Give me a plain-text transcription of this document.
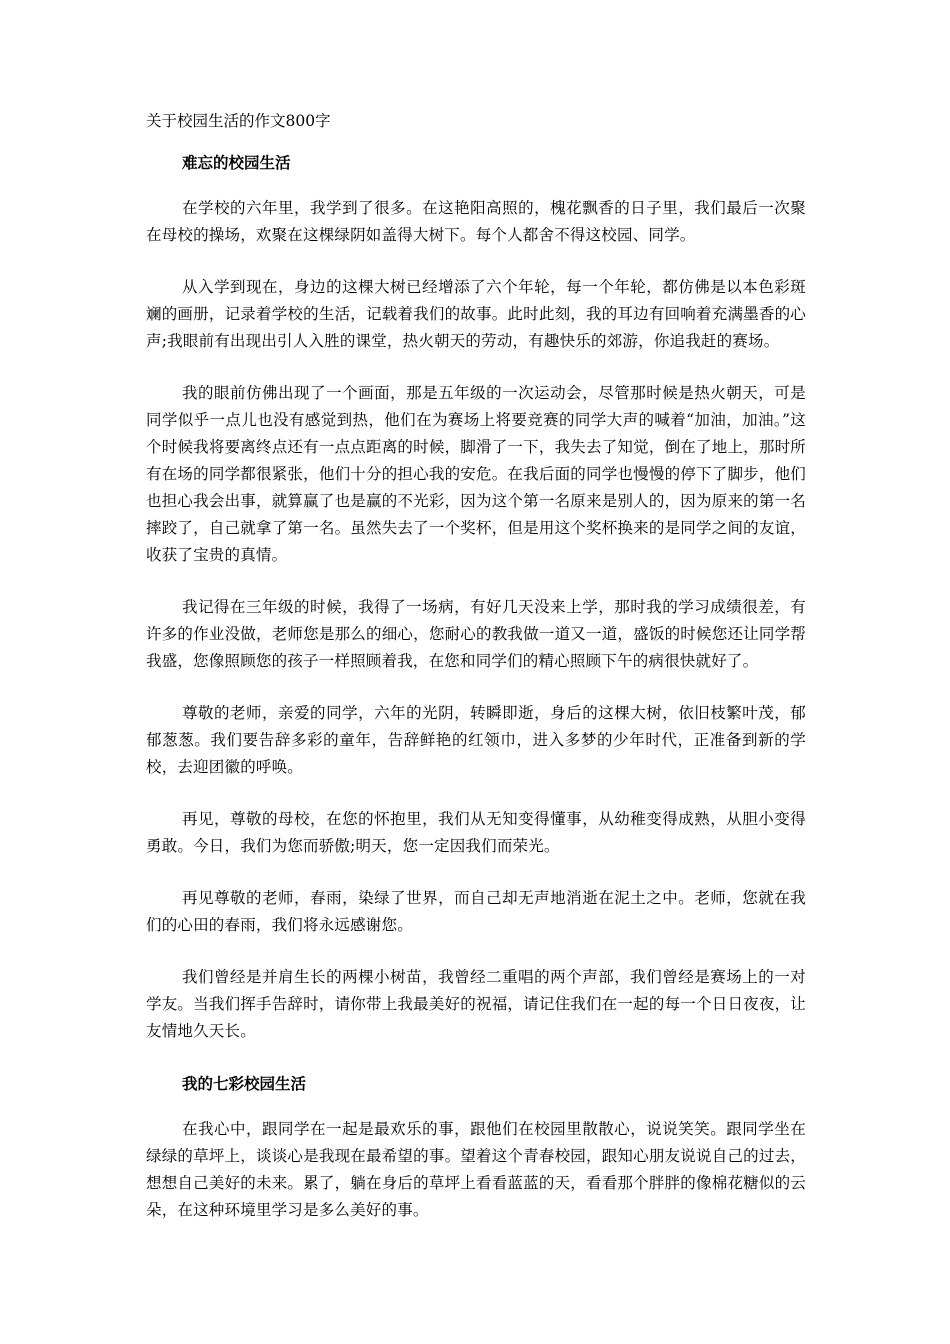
关于校园生活的作文800字
难忘的校园生活

在学校的六年里，我学到了很多。在这艳阳高照的，槐花飘香的日子里，我们最后一次聚在母校的操场，欢聚在这棵绿阴如盖得大树下。每个人都舍不得这校园、同学。

从入学到现在，身边的这棵大树已经增添了六个年轮，每一个年轮，都仿佛是以本色彩斑斓的画册，记录着学校的生活，记载着我们的故事。此时此刻，我的耳边有回响着充满墨香的心声;我眼前有出现出引人入胜的课堂，热火朝天的劳动，有趣快乐的郊游，你追我赶的赛场。

我的眼前仿佛出现了一个画面，那是五年级的一次运动会，尽管那时候是热火朝天，可是同学似乎一点儿也没有感觉到热，他们在为赛场上将要竞赛的同学大声的喊着“加油，加油。”这个时候我将要离终点还有一点点距离的时候，脚滑了一下，我失去了知觉，倒在了地上，那时所有在场的同学都很紧张，他们十分的担心我的安危。在我后面的同学也慢慢的停下了脚步，他们也担心我会出事，就算赢了也是赢的不光彩，因为这个第一名原来是别人的，因为原来的第一名摔跤了，自己就拿了第一名。虽然失去了一个奖杯，但是用这个奖杯换来的是同学之间的友谊，收获了宝贵的真情。

我记得在三年级的时候，我得了一场病，有好几天没来上学，那时我的学习成绩很差，有许多的作业没做，老师您是那么的细心，您耐心的教我做一道又一道，盛饭的时候您还让同学帮我盛，您像照顾您的孩子一样照顾着我，在您和同学们的精心照顾下午的病很快就好了。

尊敬的老师，亲爱的同学，六年的光阴，转瞬即逝，身后的这棵大树，依旧枝繁叶茂，郁郁葱葱。我们要告辞多彩的童年，告辞鲜艳的红领巾，进入多梦的少年时代，正准备到新的学校，去迎团徽的呼唤。

再见，尊敬的母校，在您的怀抱里，我们从无知变得懂事，从幼稚变得成熟，从胆小变得勇敢。今日，我们为您而骄傲;明天，您一定因我们而荣光。

再见尊敬的老师，春雨，染绿了世界，而自己却无声地消逝在泥土之中。老师，您就在我们的心田的春雨，我们将永远感谢您。

我们曾经是并肩生长的两棵小树苗，我曾经二重唱的两个声部，我们曾经是赛场上的一对学友。当我们挥手告辞时，请你带上我最美好的祝福，请记住我们在一起的每一个日日夜夜，让友情地久天长。

我的七彩校园生活

在我心中，跟同学在一起是最欢乐的事，跟他们在校园里散散心，说说笑笑。跟同学坐在绿绿的草坪上，谈谈心是我现在最希望的事。望着这个青春校园，跟知心朋友说说自己的过去，想想自己美好的未来。累了，躺在身后的草坪上看看蓝蓝的天，看看那个胖胖的像棉花糖似的云朵，在这种环境里学习是多么美好的事。
